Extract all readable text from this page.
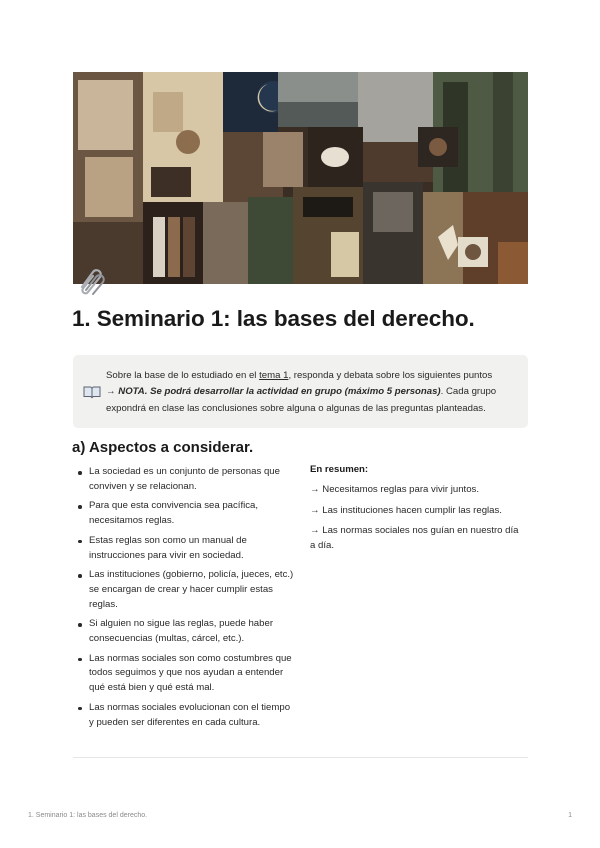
1. Seminario 1: las bases del derecho.
Sobre la base de lo estudiado en el tema 1, responda y debata sobre los siguientes puntos
→ NOTA. Se podrá desarrollar la actividad en grupo (máximo 5 personas). Cada grupo expondrá en clase las conclusiones sobre alguna o algunas de las preguntas planteadas.
a) Aspectos a considerar.
La sociedad es un conjunto de personas que conviven y se relacionan.
Para que esta convivencia sea pacífica, necesitamos reglas.
Estas reglas son como un manual de instrucciones para vivir en sociedad.
Las instituciones (gobierno, policía, jueces, etc.) se encargan de crear y hacer cumplir estas reglas.
Si alguien no sigue las reglas, puede haber consecuencias (multas, cárcel, etc.).
Las normas sociales son como costumbres que todos seguimos y que nos ayudan a entender qué está bien y qué está mal.
Las normas sociales evolucionan con el tiempo y pueden ser diferentes en cada cultura.
En resumen:
→ Necesitamos reglas para vivir juntos.
→ Las instituciones hacen cumplir las reglas.
→ Las normas sociales nos guían en nuestro día a día.
1. Seminario 1: las bases del derecho.	1
